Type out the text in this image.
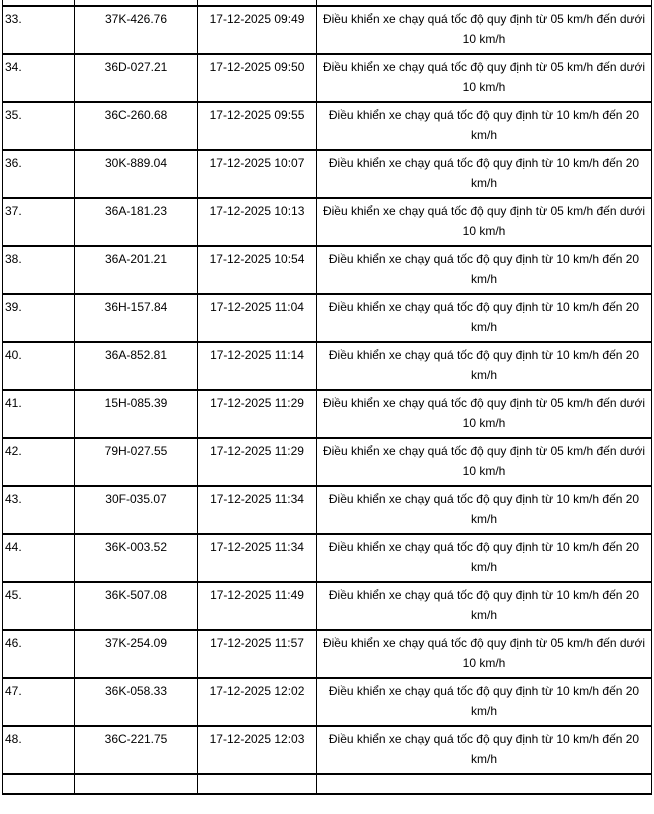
33.	37K-426.76	17-12-2025 09:49	Điều khiển xe chạy quá tốc độ quy định từ 05 km/h đến dưới 10 km/h
34.	36D-027.21	17-12-2025 09:50	Điều khiển xe chạy quá tốc độ quy định từ 05 km/h đến dưới 10 km/h
35.	36C-260.68	17-12-2025 09:55	Điều khiển xe chạy quá tốc độ quy định từ 10 km/h đến 20 km/h
36.	30K-889.04	17-12-2025 10:07	Điều khiển xe chạy quá tốc độ quy định từ 10 km/h đến 20 km/h
37.	36A-181.23	17-12-2025 10:13	Điều khiển xe chạy quá tốc độ quy định từ 05 km/h đến dưới 10 km/h
38.	36A-201.21	17-12-2025 10:54	Điều khiển xe chạy quá tốc độ quy định từ 10 km/h đến 20 km/h
39.	36H-157.84	17-12-2025 11:04	Điều khiển xe chạy quá tốc độ quy định từ 10 km/h đến 20 km/h
40.	36A-852.81	17-12-2025 11:14	Điều khiển xe chạy quá tốc độ quy định từ 10 km/h đến 20 km/h
41.	15H-085.39	17-12-2025 11:29	Điều khiển xe chạy quá tốc độ quy định từ 05 km/h đến dưới 10 km/h
42.	79H-027.55	17-12-2025 11:29	Điều khiển xe chạy quá tốc độ quy định từ 05 km/h đến dưới 10 km/h
43.	30F-035.07	17-12-2025 11:34	Điều khiển xe chạy quá tốc độ quy định từ 10 km/h đến 20 km/h
44.	36K-003.52	17-12-2025 11:34	Điều khiển xe chạy quá tốc độ quy định từ 10 km/h đến 20 km/h
45.	36K-507.08	17-12-2025 11:49	Điều khiển xe chạy quá tốc độ quy định từ 10 km/h đến 20 km/h
46.	37K-254.09	17-12-2025 11:57	Điều khiển xe chạy quá tốc độ quy định từ 05 km/h đến dưới 10 km/h
47.	36K-058.33	17-12-2025 12:02	Điều khiển xe chạy quá tốc độ quy định từ 10 km/h đến 20 km/h
48.	36C-221.75	17-12-2025 12:03	Điều khiển xe chạy quá tốc độ quy định từ 10 km/h đến 20 km/h
